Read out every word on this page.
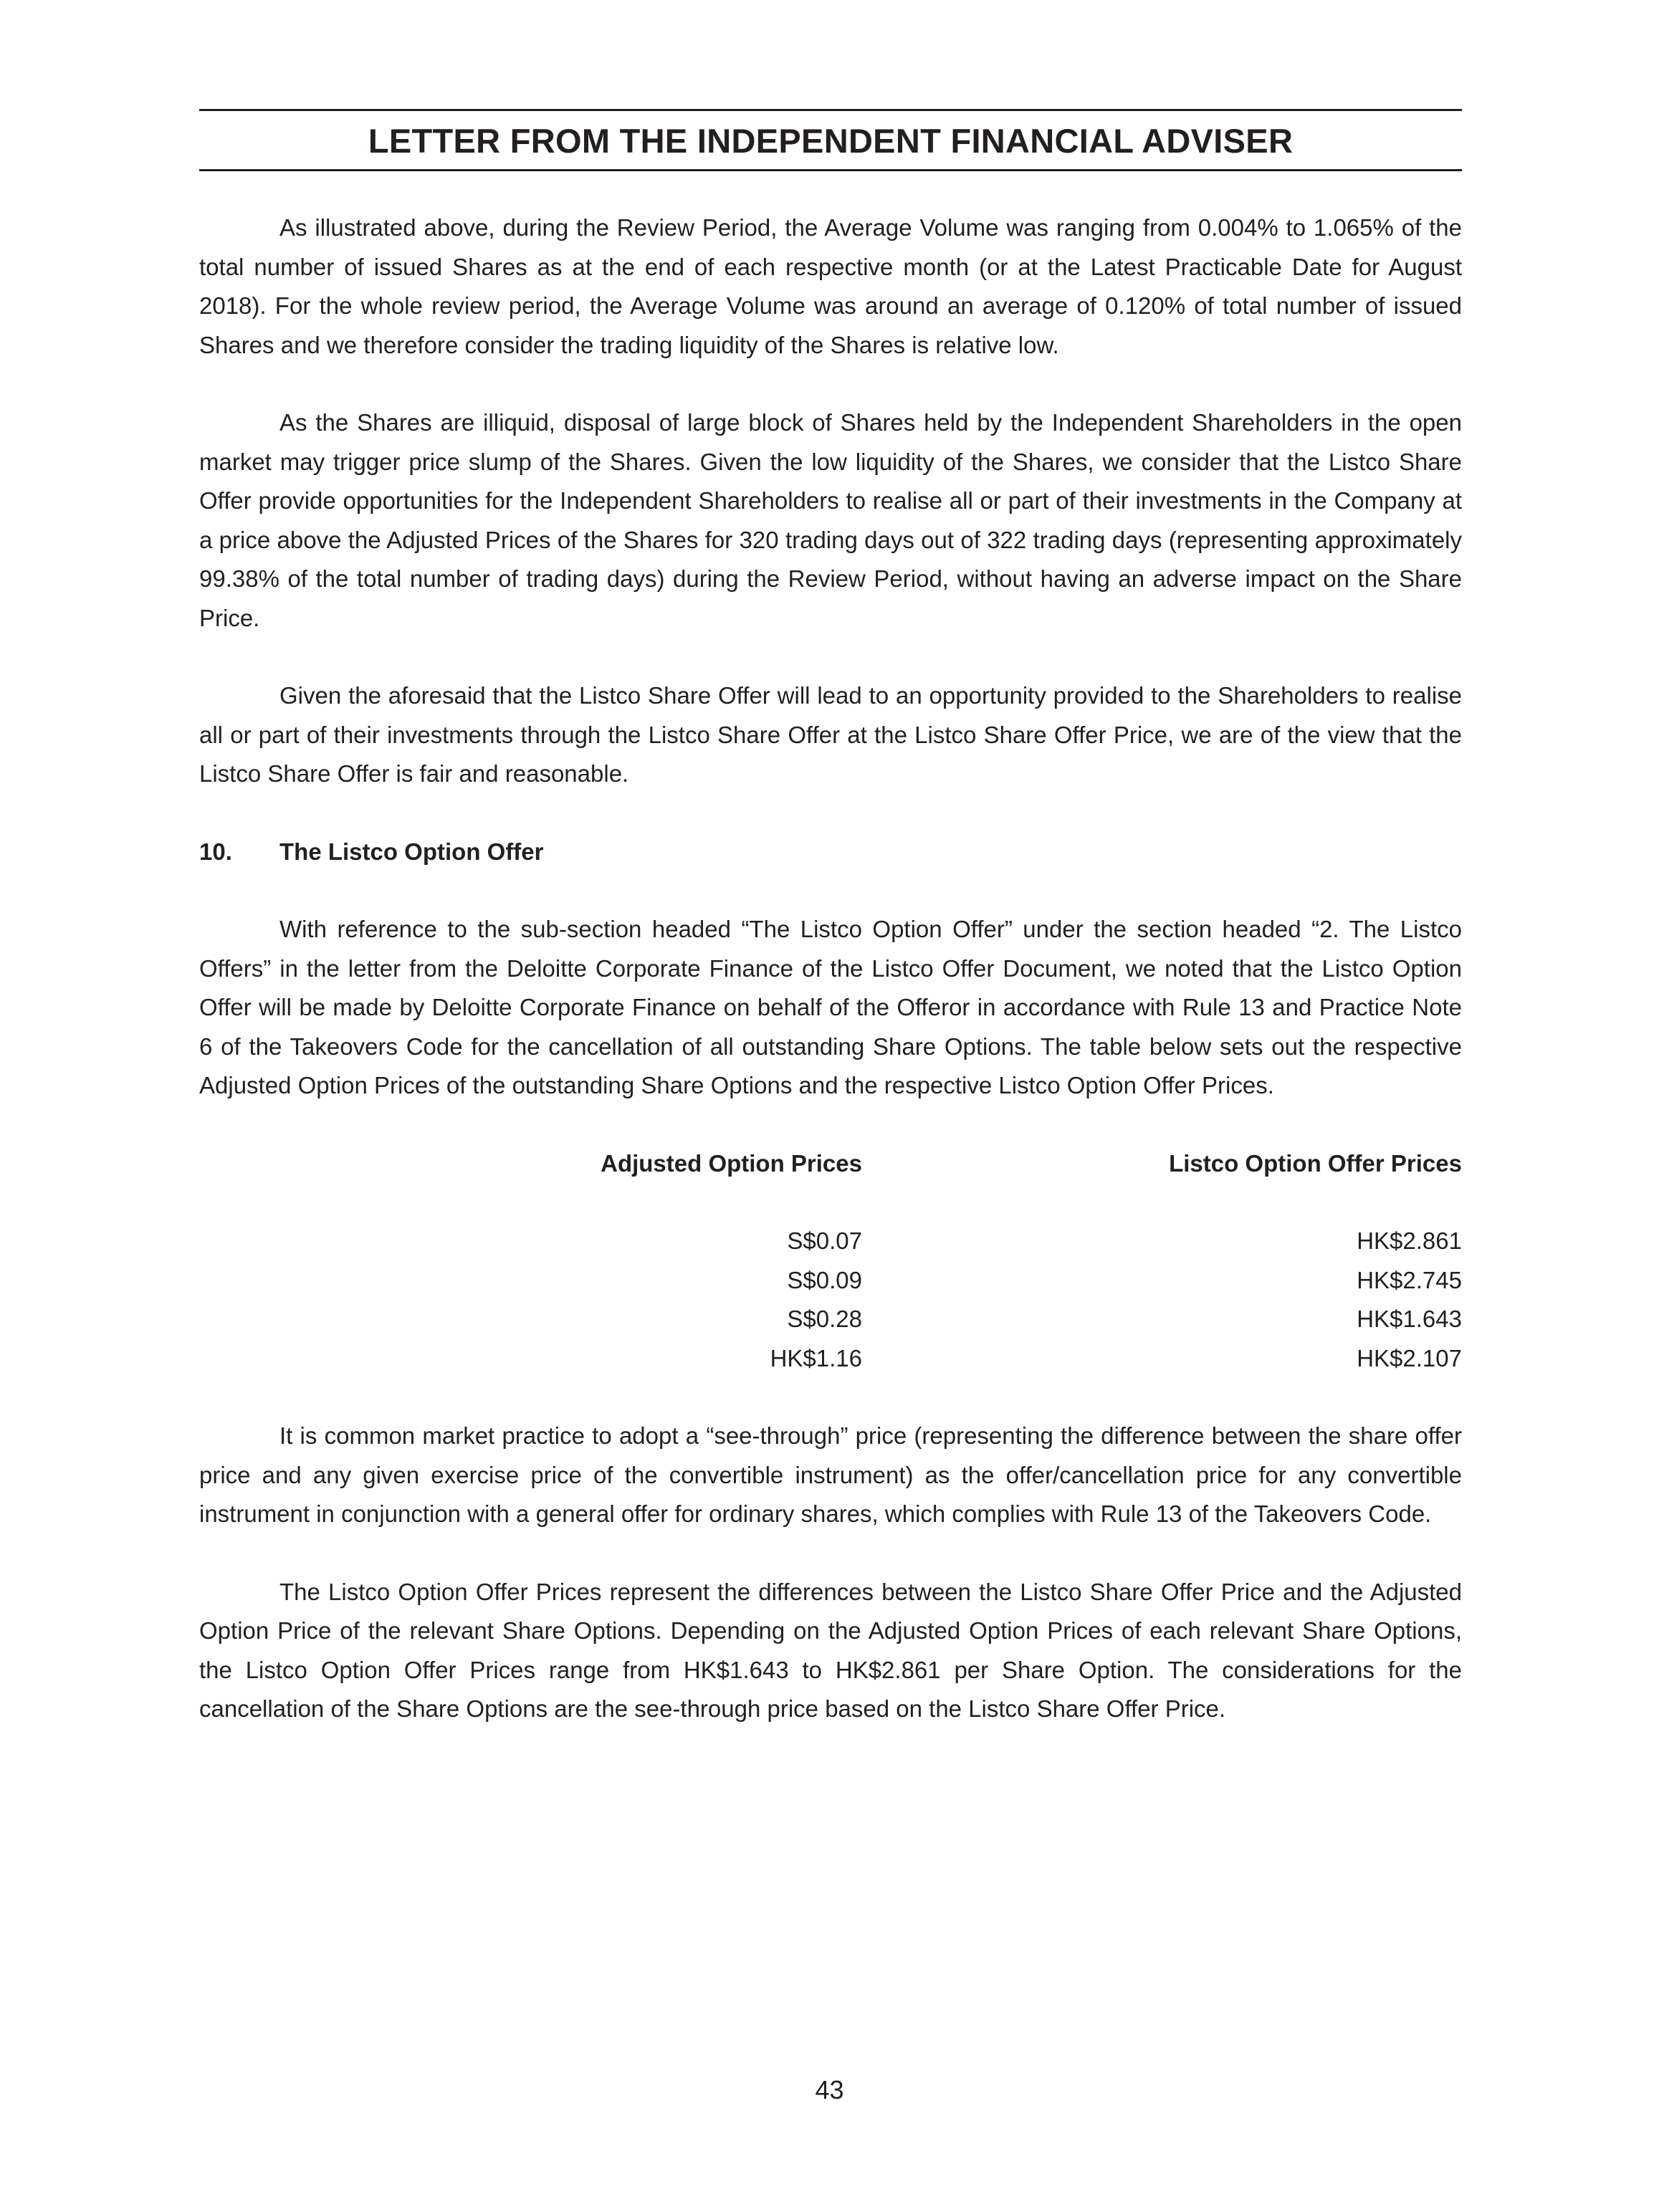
LETTER FROM THE INDEPENDENT FINANCIAL ADVISER

As illustrated above, during the Review Period, the Average Volume was ranging from 0.004% to 1.065% of the total number of issued Shares as at the end of each respective month (or at the Latest Practicable Date for August 2018). For the whole review period, the Average Volume was around an average of 0.120% of total number of issued Shares and we therefore consider the trading liquidity of the Shares is relative low.

As the Shares are illiquid, disposal of large block of Shares held by the Independent Shareholders in the open market may trigger price slump of the Shares. Given the low liquidity of the Shares, we consider that the Listco Share Offer provide opportunities for the Independent Shareholders to realise all or part of their investments in the Company at a price above the Adjusted Prices of the Shares for 320 trading days out of 322 trading days (representing approximately 99.38% of the total number of trading days) during the Review Period, without having an adverse impact on the Share Price.

Given the aforesaid that the Listco Share Offer will lead to an opportunity provided to the Shareholders to realise all or part of their investments through the Listco Share Offer at the Listco Share Offer Price, we are of the view that the Listco Share Offer is fair and reasonable.

10.	The Listco Option Offer

With reference to the sub-section headed “The Listco Option Offer” under the section headed “2. The Listco Offers” in the letter from the Deloitte Corporate Finance of the Listco Offer Document, we noted that the Listco Option Offer will be made by Deloitte Corporate Finance on behalf of the Offeror in accordance with Rule 13 and Practice Note 6 of the Takeovers Code for the cancellation of all outstanding Share Options. The table below sets out the respective Adjusted Option Prices of the outstanding Share Options and the respective Listco Option Offer Prices.

Adjusted Option Prices	Listco Option Offer Prices
S$0.07	HK$2.861
S$0.09	HK$2.745
S$0.28	HK$1.643
HK$1.16	HK$2.107

It is common market practice to adopt a “see-through” price (representing the difference between the share offer price and any given exercise price of the convertible instrument) as the offer/cancellation price for any convertible instrument in conjunction with a general offer for ordinary shares, which complies with Rule 13 of the Takeovers Code.

The Listco Option Offer Prices represent the differences between the Listco Share Offer Price and the Adjusted Option Price of the relevant Share Options. Depending on the Adjusted Option Prices of each relevant Share Options, the Listco Option Offer Prices range from HK$1.643 to HK$2.861 per Share Option. The considerations for the cancellation of the Share Options are the see-through price based on the Listco Share Offer Price.

43
